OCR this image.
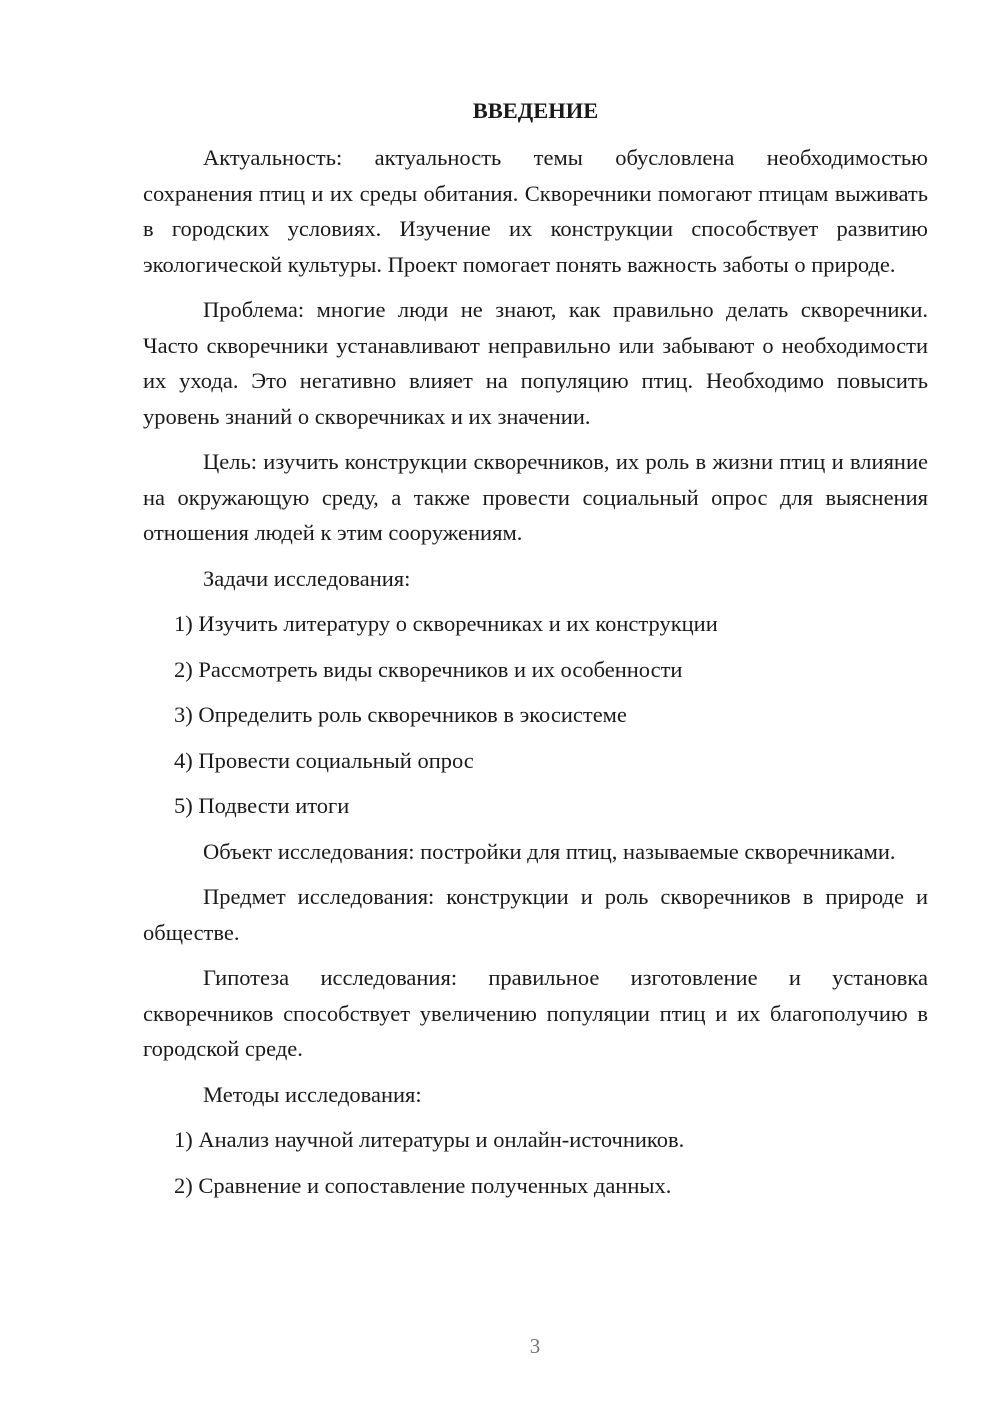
ВВЕДЕНИЕ

Актуальность: актуальность темы обусловлена необходимостью сохранения птиц и их среды обитания. Скворечники помогают птицам выживать в городских условиях. Изучение их конструкции способствует развитию экологической культуры. Проект помогает понять важность заботы о природе.

Проблема: многие люди не знают, как правильно делать скворечники. Часто скворечники устанавливают неправильно или забывают о необходимости их ухода. Это негативно влияет на популяцию птиц. Необходимо повысить уровень знаний о скворечниках и их значении.

Цель: изучить конструкции скворечников, их роль в жизни птиц и влияние на окружающую среду, а также провести социальный опрос для выяснения отношения людей к этим сооружениям.

Задачи исследования:

1) Изучить литературу о скворечниках и их конструкции
2) Рассмотреть виды скворечников и их особенности
3) Определить роль скворечников в экосистеме
4) Провести социальный опрос
5) Подвести итоги

Объект исследования: постройки для птиц, называемые скворечниками.

Предмет исследования: конструкции и роль скворечников в природе и обществе.

Гипотеза исследования: правильное изготовление и установка скворечников способствует увеличению популяции птиц и их благополучию в городской среде.

Методы исследования:

1) Анализ научной литературы и онлайн-источников.
2) Сравнение и сопоставление полученных данных.
3
